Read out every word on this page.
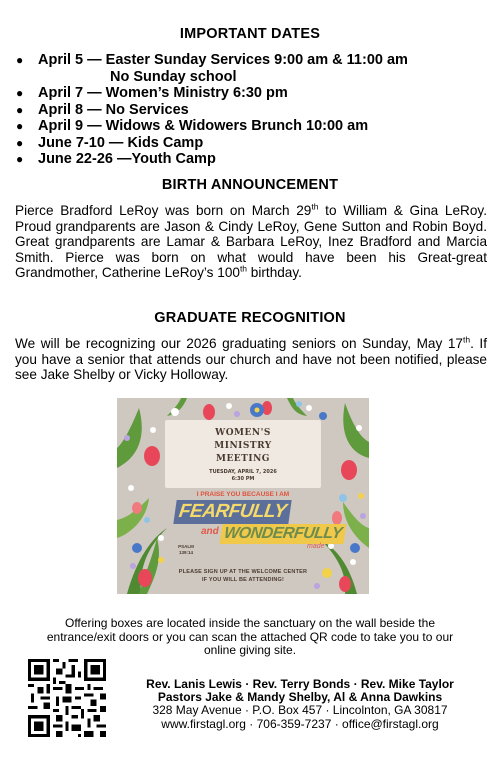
IMPORTANT DATES
● April 5 — Easter Sunday Services 9:00 am & 11:00 am
No Sunday school
● April 7 — Women’s Ministry 6:30 pm
● April 8 — No Services
● April 9 — Widows & Widowers Brunch 10:00 am
● June 7-10 — Kids Camp
● June 22-26 —Youth Camp
BIRTH ANNOUNCEMENT
Pierce Bradford LeRoy was born on March 29th to William & Gina LeRoy. Proud grandparents are Jason & Cindy LeRoy, Gene Sutton and Robin Boyd. Great grandparents are Lamar & Barbara LeRoy, Inez Bradford and Marcia Smith. Pierce was born on what would have been his Great-great Grandmother, Catherine LeRoy’s 100th birthday.
GRADUATE RECOGNITION
We will be recognizing our 2026 graduating seniors on Sunday, May 17th. If you have a senior that attends our church and have not been notified, please see Jake Shelby or Vicky Holloway.
WOMEN'S
MINISTRY
MEETING
TUESDAY, APRIL 7, 2026
6:30 PM
I PRAISE YOU BECAUSE I AM
FEARFULLY
and WONDERFULLY
made
PSALM
139:14
PLEASE SIGN UP AT THE WELCOME CENTER
IF YOU WILL BE ATTENDING!
Offering boxes are located inside the sanctuary on the wall beside the entrance/exit doors or you can scan the attached QR code to take you to our online giving site.
Rev. Lanis Lewis · Rev. Terry Bonds · Rev. Mike Taylor
Pastors Jake & Mandy Shelby, Al & Anna Dawkins
328 May Avenue · P.O. Box 457 · Lincolnton, GA 30817
www.firstagl.org · 706-359-7237 · office@firstagl.org
